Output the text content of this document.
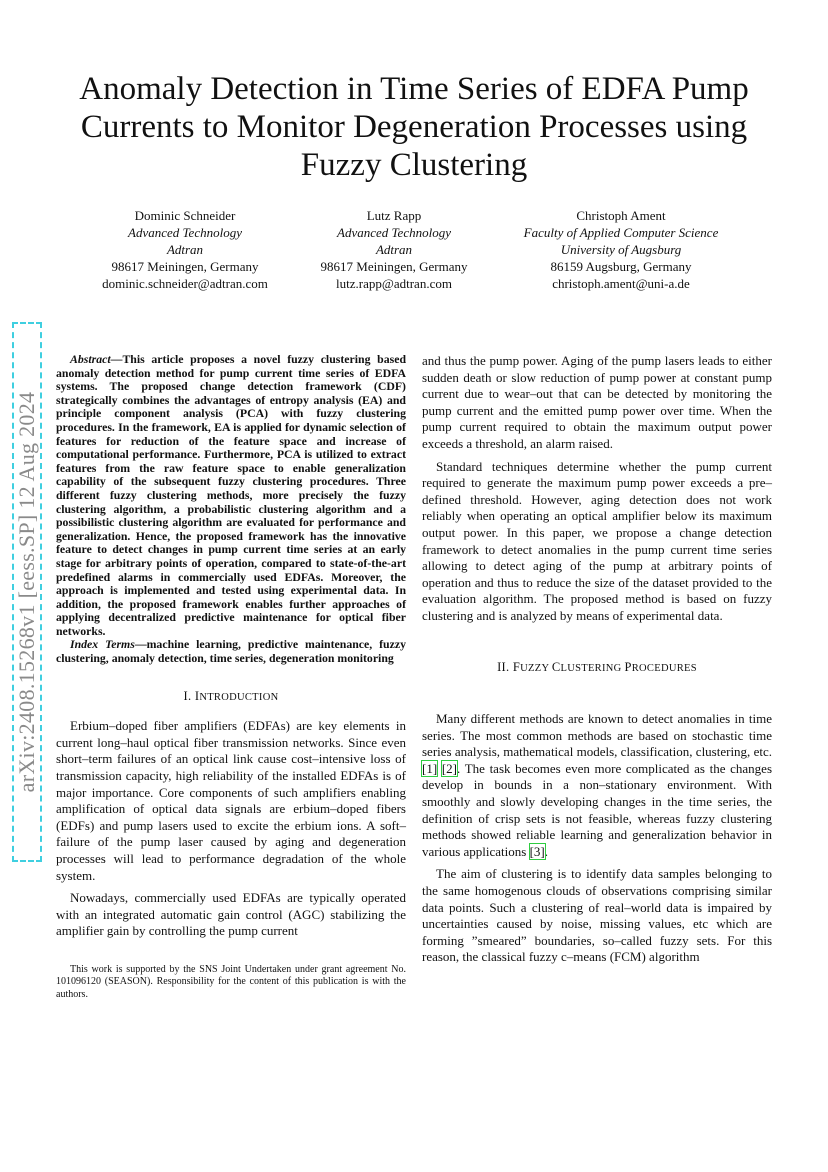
Anomaly Detection in Time Series of EDFA Pump Currents to Monitor Degeneration Processes using Fuzzy Clustering
Dominic Schneider
Advanced Technology
Adtran
98617 Meiningen, Germany
dominic.schneider@adtran.com
Lutz Rapp
Advanced Technology
Adtran
98617 Meiningen, Germany
lutz.rapp@adtran.com
Christoph Ament
Faculty of Applied Computer Science
University of Augsburg
86159 Augsburg, Germany
christoph.ament@uni-a.de
arXiv:2408.15268v1 [eess.SP] 12 Aug 2024
Abstract—This article proposes a novel fuzzy clustering based anomaly detection method for pump current time series of EDFA systems. The proposed change detection framework (CDF) strategically combines the advantages of entropy analysis (EA) and principle component analysis (PCA) with fuzzy clustering procedures. In the framework, EA is applied for dynamic selection of features for reduction of the feature space and increase of computational performance. Furthermore, PCA is utilized to extract features from the raw feature space to enable generalization capability of the subsequent fuzzy clustering procedures. Three different fuzzy clustering methods, more precisely the fuzzy clustering algorithm, a probabilistic clustering algorithm and a possibilistic clustering algorithm are evaluated for performance and generalization. Hence, the proposed framework has the innovative feature to detect changes in pump current time series at an early stage for arbitrary points of operation, compared to state-of-the-art predefined alarms in commercially used EDFAs. Moreover, the approach is implemented and tested using experimental data. In addition, the proposed framework enables further approaches of applying decentralized predictive maintenance for optical fiber networks.
Index Terms—machine learning, predictive maintenance, fuzzy clustering, anomaly detection, time series, degeneration monitoring
I. INTRODUCTION

Erbium–doped fiber amplifiers (EDFAs) are key elements in current long–haul optical fiber transmission networks. Since even short–term failures of an optical link cause cost–intensive loss of transmission capacity, high reliability of the installed EDFAs is of major importance. Core components of such amplifiers enabling amplification of optical data signals are erbium–doped fibers (EDFs) and pump lasers used to excite the erbium ions. A soft–failure of the pump laser caused by aging and degeneration processes will lead to performance degradation of the whole system.

Nowadays, commercially used EDFAs are typically operated with an integrated automatic gain control (AGC) stabilizing the amplifier gain by controlling the pump current

This work is supported by the SNS Joint Undertaken under grant agreement No. 101096120 (SEASON). Responsibility for the content of this publication is with the authors.

and thus the pump power. Aging of the pump lasers leads to either sudden death or slow reduction of pump power at constant pump current due to wear–out that can be detected by monitoring the pump current and the emitted pump power over time. When the pump current required to obtain the maximum output power exceeds a threshold, an alarm raised.

Standard techniques determine whether the pump current required to generate the maximum pump power exceeds a pre–defined threshold. However, aging detection does not work reliably when operating an optical amplifier below its maximum output power. In this paper, we propose a change detection framework to detect anomalies in the pump current time series allowing to detect aging of the pump at arbitrary points of operation and thus to reduce the size of the dataset provided to the evaluation algorithm. The proposed method is based on fuzzy clustering and is analyzed by means of experimental data.

II. FUZZY CLUSTERING PROCEDURES

Many different methods are known to detect anomalies in time series. The most common methods are based on stochastic time series analysis, mathematical models, classification, clustering, etc. [1] [2]. The task becomes even more complicated as the changes develop in bounds in a non–stationary environment. With smoothly and slowly developing changes in the time series, the definition of crisp sets is not feasible, whereas fuzzy clustering methods showed reliable learning and generalization behavior in various applications [3].

The aim of clustering is to identify data samples belonging to the same homogenous clouds of observations comprising similar data points. Such a clustering of real–world data is impaired by uncertainties caused by noise, missing values, etc which are forming ”smeared” boundaries, so–called fuzzy sets. For this reason, the classical fuzzy c–means (FCM) algorithm
